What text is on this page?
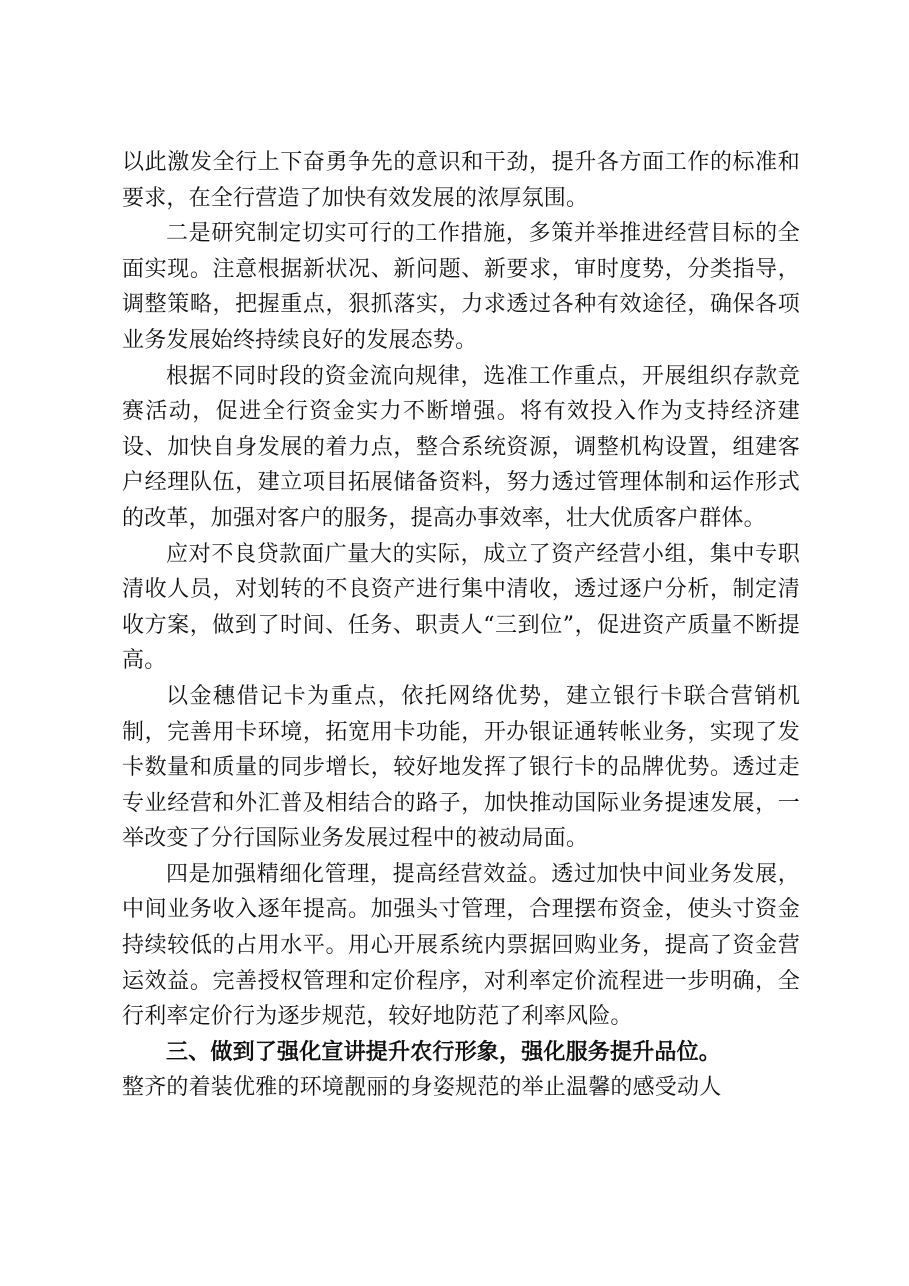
以此激发全行上下奋勇争先的意识和干劲，提升各方面工作的标准和要求，在全行营造了加快有效发展的浓厚氛围。

二是研究制定切实可行的工作措施，多策并举推进经营目标的全面实现。注意根据新状况、新问题、新要求，审时度势，分类指导，调整策略，把握重点，狠抓落实，力求透过各种有效途径，确保各项业务发展始终持续良好的发展态势。

根据不同时段的资金流向规律，选准工作重点，开展组织存款竞赛活动，促进全行资金实力不断增强。将有效投入作为支持经济建设、加快自身发展的着力点，整合系统资源，调整机构设置，组建客户经理队伍，建立项目拓展储备资料，努力透过管理体制和运作形式的改革，加强对客户的服务，提高办事效率，壮大优质客户群体。

应对不良贷款面广量大的实际，成立了资产经营小组，集中专职清收人员，对划转的不良资产进行集中清收，透过逐户分析，制定清收方案，做到了时间、任务、职责人“三到位”，促进资产质量不断提高。

以金穗借记卡为重点，依托网络优势，建立银行卡联合营销机制，完善用卡环境，拓宽用卡功能，开办银证通转帐业务，实现了发卡数量和质量的同步增长，较好地发挥了银行卡的品牌优势。透过走专业经营和外汇普及相结合的路子，加快推动国际业务提速发展，一举改变了分行国际业务发展过程中的被动局面。

四是加强精细化管理，提高经营效益。透过加快中间业务发展，中间业务收入逐年提高。加强头寸管理，合理摆布资金，使头寸资金持续较低的占用水平。用心开展系统内票据回购业务，提高了资金营运效益。完善授权管理和定价程序，对利率定价流程进一步明确，全行利率定价行为逐步规范，较好地防范了利率风险。

三、做到了强化宣讲提升农行形象，强化服务提升品位。

整齐的着装优雅的环境靓丽的身姿规范的举止温馨的感受动人
